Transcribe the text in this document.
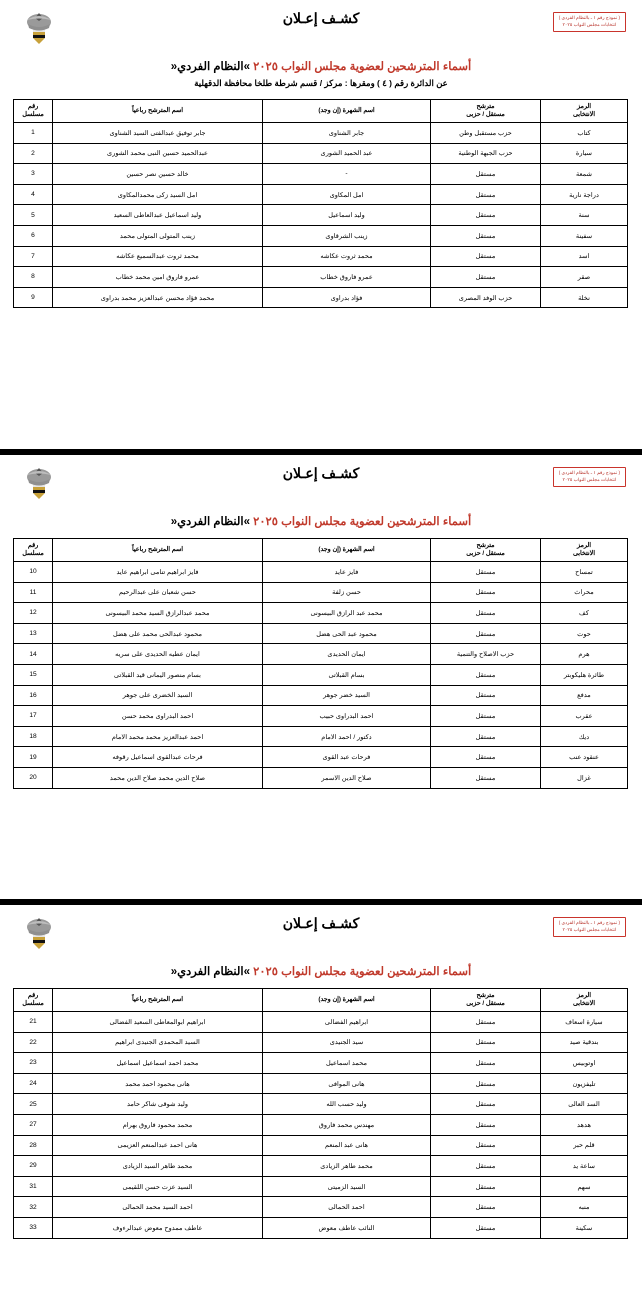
( نموذج رقم ١ ـ بالنظام الفردى )
انتخابات مجلس النواب ٢٠٢٥
كشـف إعـلان
أسماء المترشحين لعضوية مجلس النواب ٢٠٢٥ »النظام الفردي«
عن الدائرة رقم ( ٤ ) ومقرها : مركز / قسم شرطة طلخا محافظة الدقهلية
الرمز
الانتخابى

مترشح
مستقل / حزبى
	اسم الشهرة (إن وجد)	اسم المترشح رباعياً	
رقم
مسلسل

كتاب	حزب مستقبل وطن	جابر الشناوى	جابر توفيق عبدالفتى السيد الشناوى	1
سيارة	حزب الجبهة الوطنية	عبد الحميد الشورى	عبدالحميد حسين النبى محمد الشورى	2
شمعة	مستقل	-	خالد حسين نصر حسين	3
دراجة نارية	مستقل	امل المكاوى	امل السيد زكى محمدالمكاوى	4
سنة	مستقل	وليد اسماعيل	وليد اسماعيل عبدالعاطى السعيد	5
سفينة	مستقل	زينب الشرقاوى	زينب المتولى المتولى محمد	6
اسد	مستقل	محمد ثروت عكاشه	محمد ثروت عبدالسميع عكاشه	7
صقر	مستقل	عمرو فاروق خطاب	عمرو فاروق امين محمد خطاب	8
نخلة	حزب الوفد المصرى	فؤاد بدراوى	محمد فؤاد محسن عبدالعزيز محمد بدراوى	9
( نموذج رقم ١ ـ بالنظام الفردى )
انتخابات مجلس النواب ٢٠٢٥
كشـف إعـلان
أسماء المترشحين لعضوية مجلس النواب ٢٠٢٥ »النظام الفردي«
الرمز
الانتخابى

مترشح
مستقل / حزبى
	اسم الشهرة (إن وجد)	اسم المترشح رباعياً	
رقم
مسلسل

تمساح	مستقل	فايز عايد	فايز ابراهيم تنامى ابراهيم عايد	10
محراث	مستقل	حسن زلفة	حسن شعبان على عبدالرحيم	11
كف	مستقل	محمد عبد الرازق البيسونى	محمد عبدالرازق السيد محمد البيسونى	12
حوت	مستقل	محمود عبد الحى هضل	محمود عبدالحى محمد على هضل	13
هرم	حزب الاصلاح والتنمية	ايمان الحديدى	ايمان عطيه الحديدى على سريه	14
طائرة هليكوبتر	مستقل	بسام القبلاتى	بسام منصور اليمانى قيد القبلاتى	15
مدفع	مستقل	السيد خضر جوهر	السيد الخضرى على جوهر	16
عقرب	مستقل	احمد البدراوى حبيب	احمد البدراوى محمد حسن	17
ديك	مستقل	دكتور / احمد الامام	احمد عبدالعزيز محمد محمد الامام	18
عنقود عنب	مستقل	فرحات عبد القوى	فرحات عبدالقوى اسماعيل رقوفه	19
غزال	مستقل	صلاح الدين الاسمر	صلاح الدين محمد صلاح الدين محمد	20
( نموذج رقم ١ ـ بالنظام الفردى )
انتخابات مجلس النواب ٢٠٢٥
كشـف إعـلان
أسماء المترشحين لعضوية مجلس النواب ٢٠٢٥ »النظام الفردي«
الرمز
الانتخابى

مترشح
مستقل / حزبى
	اسم الشهرة (إن وجد)	اسم المترشح رباعياً	
رقم
مسلسل

سيارة اسعاف	مستقل	ابراهيم الفضالى	ابراهيم ابوالمعاطى السعيد الفضالى	21
بندقية صيد	مستقل	سيد الجنيدى	السيد المحمدى الجنيدى ابراهيم	22
اوتوبيس	مستقل	محمد اسماعيل	محمد احمد اسماعيل اسماعيل	23
تليفزيون	مستقل	هانى الموافى	هانى محمود احمد محمد	24
السد العالى	مستقل	وليد حسب الله	وليد شوقى شاكر حامد	25
هدهد	مستقل	مهندس محمد فاروق	محمد محمود فاروق بهرام	27
قلم حبر	مستقل	هانى عبد المنعم	هانى احمد عبدالمنعم العزيمى	28
ساعة يد	مستقل	محمد طاهر الزيادى	محمد طاهر السيد الزيادى	29
سهم	مستقل	السيد الزميتى	السيد عزت حسن اللقيمى	31
منبه	مستقل	احمد الحمالى	احمد السيد محمد الحمالى	32
سكينة	مستقل	النائب عاطف معوض	عاطف ممدوح معوض عبدالرءوف	33
